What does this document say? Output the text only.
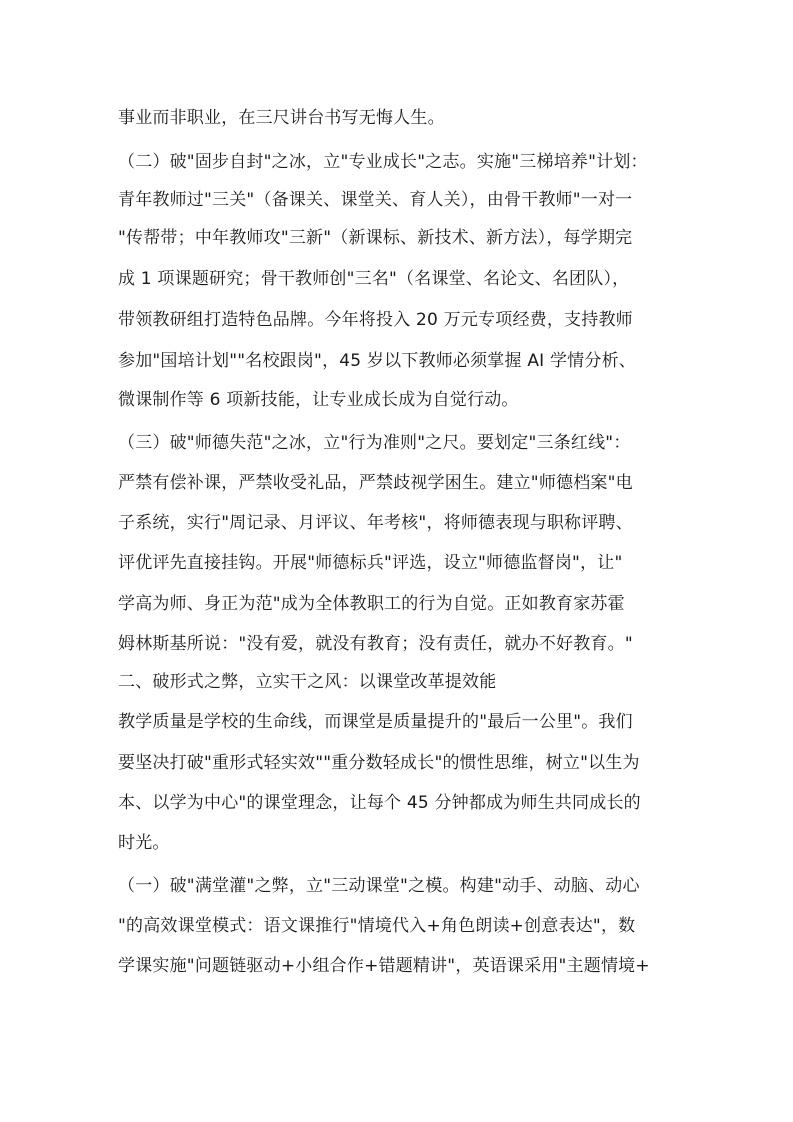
事业而非职业，在三尺讲台书写无悔人生。
（二）破"固步自封"之冰，立"专业成长"之志。实施"三梯培养"计划：
青年教师过"三关"（备课关、课堂关、育人关），由骨干教师"一对一
"传帮带；中年教师攻"三新"（新课标、新技术、新方法），每学期完
成 1 项课题研究；骨干教师创"三名"（名课堂、名论文、名团队），
带领教研组打造特色品牌。今年将投入 20 万元专项经费，支持教师
参加"国培计划""名校跟岗"，45 岁以下教师必须掌握 AI 学情分析、
微课制作等 6 项新技能，让专业成长成为自觉行动。
（三）破"师德失范"之冰，立"行为准则"之尺。要划定"三条红线"：
严禁有偿补课，严禁收受礼品，严禁歧视学困生。建立"师德档案"电
子系统，实行"周记录、月评议、年考核"，将师德表现与职称评聘、
评优评先直接挂钩。开展"师德标兵"评选，设立"师德监督岗"，让"
学高为师、身正为范"成为全体教职工的行为自觉。正如教育家苏霍
姆林斯基所说："没有爱，就没有教育；没有责任，就办不好教育。"
二、破形式之弊，立实干之风：以课堂改革提效能
教学质量是学校的生命线，而课堂是质量提升的"最后一公里"。我们
要坚决打破"重形式轻实效""重分数轻成长"的惯性思维，树立"以生为
本、以学为中心"的课堂理念，让每个 45 分钟都成为师生共同成长的
时光。
（一）破"满堂灌"之弊，立"三动课堂"之模。构建"动手、动脑、动心
"的高效课堂模式：语文课推行"情境代入+角色朗读+创意表达"，数
学课实施"问题链驱动+小组合作+错题精讲"，英语课采用"主题情境+
